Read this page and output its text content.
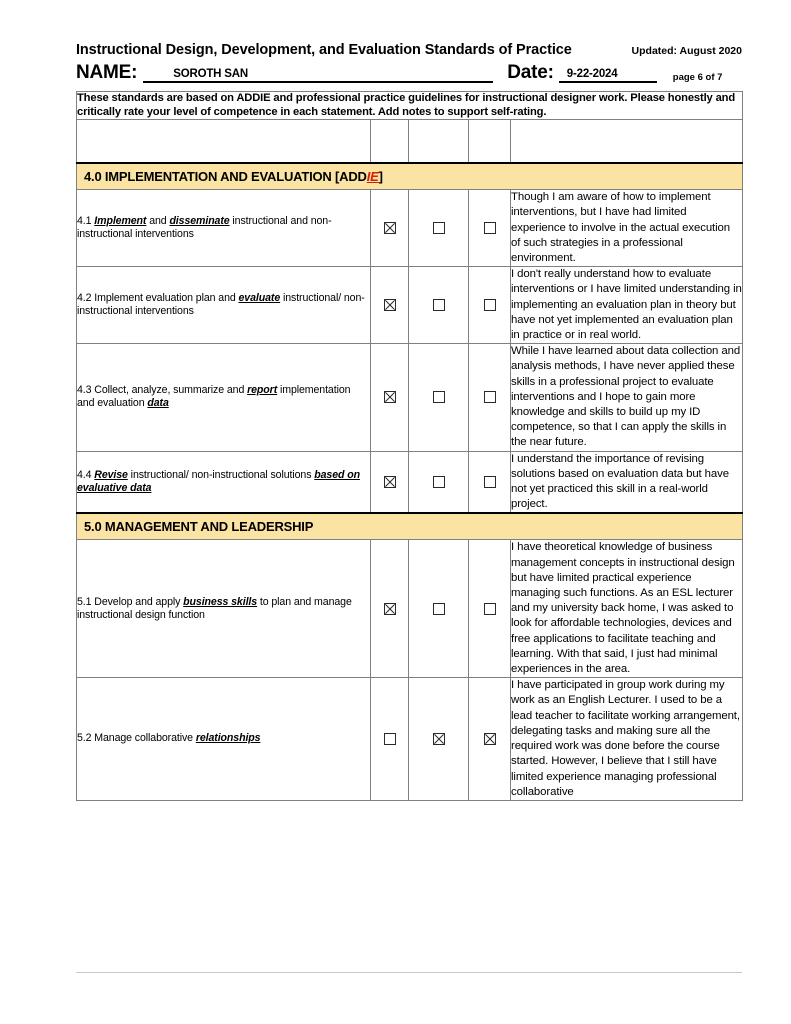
Instructional Design, Development, and Evaluation Standards of Practice	Updated: August 2020
NAME:	SOROTH SAN	Date: 9-22-2024	page 6 of 7
These standards are based on ADDIE and professional practice guidelines for instructional designer work. Please honestly and critically rate your level of competence in each statement. Add notes to support self-rating.				

4.0 IMPLEMENTATION AND EVALUATION [ADDIE]				
4.1 Implement and disseminate instructional and non-instructional interventions				Though I am aware of how to implement interventions, but I have had limited experience to involve in the actual execution of such strategies in a professional environment.
4.2 Implement evaluation plan and evaluate instructional/ non-instructional interventions				I don't really understand how to evaluate interventions or I have limited understanding in implementing an evaluation plan in theory but have not yet implemented an evaluation plan in practice or in real world.
4.3 Collect, analyze, summarize and report implementation and evaluation data				While I have learned about data collection and analysis methods, I have never applied these skills in a professional project to evaluate interventions and I hope to gain more knowledge and skills to build up my ID competence, so that I can apply the skills in the near future.
4.4 Revise instructional/ non-instructional solutions based on evaluative data				I understand the importance of revising solutions based on evaluation data but have not yet practiced this skill in a real-world project.
5.0 MANAGEMENT AND LEADERSHIP				
5.1 Develop and apply business skills to plan and manage instructional design function				I have theoretical knowledge of business management concepts in instructional design but have limited practical experience managing such functions. As an ESL lecturer and my university back home, I was asked to look for affordable technologies, devices and free applications to facilitate teaching and learning. With that said, I just had minimal experiences in the area.
5.2 Manage collaborative relationships				I have participated in group work during my work as an English Lecturer. I used to be a lead teacher to facilitate working arrangement, delegating tasks and making sure all the required work was done before the course started. However, I believe that I still have limited experience managing professional collaborative
